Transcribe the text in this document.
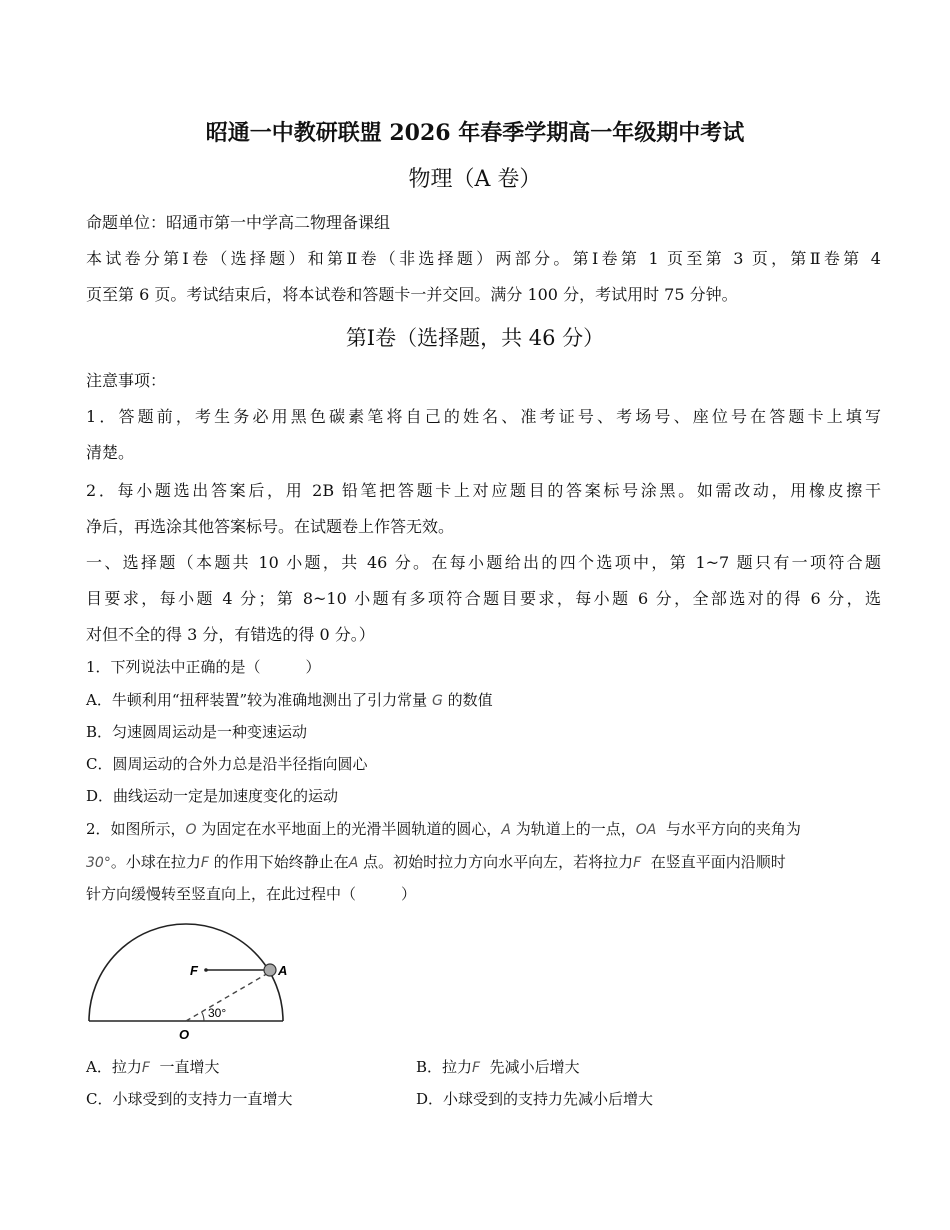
昭通一中教研联盟 2026 年春季学期高一年级期中考试
物理（A 卷）
命题单位：昭通市第一中学高二物理备课组
本试卷分第Ⅰ卷（选择题）和第Ⅱ卷（非选择题）两部分。第Ⅰ卷第 1 页至第 3 页，第Ⅱ卷第 4
页至第 6 页。考试结束后，将本试卷和答题卡一并交回。满分 100 分，考试用时 75 分钟。
第Ⅰ卷（选择题，共 46 分）
注意事项：
1．答题前，考生务必用黑色碳素笔将自己的姓名、准考证号、考场号、座位号在答题卡上填写
清楚。
2．每小题选出答案后，用 2B 铅笔把答题卡上对应题目的答案标号涂黑。如需改动，用橡皮擦干
净后，再选涂其他答案标号。在试题卷上作答无效。
一、选择题（本题共 10 小题，共 46 分。在每小题给出的四个选项中，第 1~7 题只有一项符合题
目要求，每小题 4 分；第 8~10 小题有多项符合题目要求，每小题 6 分，全部选对的得 6 分，选
对但不全的得 3 分，有错选的得 0 分。）
1．下列说法中正确的是（　　　）
A．牛顿利用“扭秤装置”较为准确地测出了引力常量 G 的数值
B．匀速圆周运动是一种变速运动
C．圆周运动的合外力总是沿半径指向圆心
D．曲线运动一定是加速度变化的运动
2．如图所示，O 为固定在水平地面上的光滑半圆轨道的圆心，A 为轨道上的一点，OA 与水平方向的夹角为
30°。小球在拉力F 的作用下始终静止在A 点。初始时拉力方向水平向左，若将拉力F 在竖直平面内沿顺时
针方向缓慢转至竖直向上，在此过程中（　　　）
F	A
O
30°
A．拉力F 一直增大	B．拉力F 先减小后增大
C．小球受到的支持力一直增大	D．小球受到的支持力先减小后增大
